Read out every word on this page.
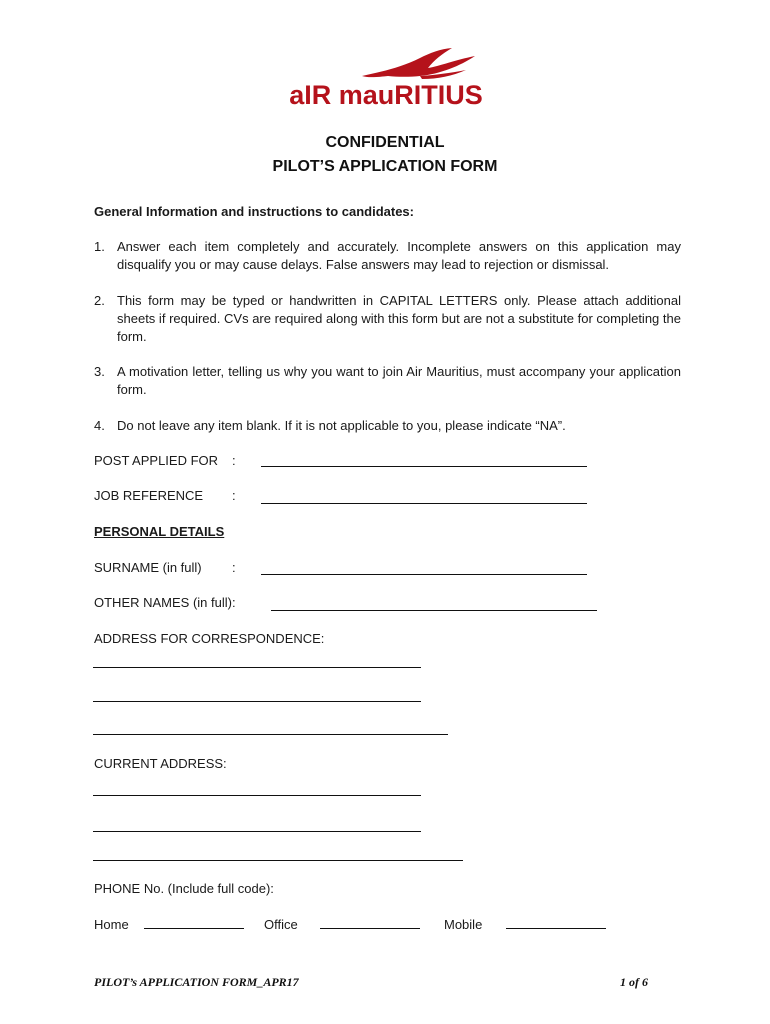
aIR mauRITIUS
CONFIDENTIAL
PILOT’S APPLICATION FORM
General Information and instructions to candidates:
1. Answer each item completely and accurately. Incomplete answers on this application may disqualify you or may cause delays. False answers may lead to rejection or dismissal.
2. This form may be typed or handwritten in CAPITAL LETTERS only. Please attach additional sheets if required. CVs are required along with this form but are not a substitute for completing the form.
3. A motivation letter, telling us why you want to join Air Mauritius, must accompany your application form.
4. Do not leave any item blank. If it is not applicable to you, please indicate “NA”.
POST APPLIED FOR :
JOB REFERENCE :
PERSONAL DETAILS
SURNAME (in full) :
OTHER NAMES (in full):
ADDRESS FOR CORRESPONDENCE:
CURRENT ADDRESS:
PHONE No. (Include full code):
Home	Office	Mobile
PILOT’s APPLICATION FORM_APR17	1 of 6
